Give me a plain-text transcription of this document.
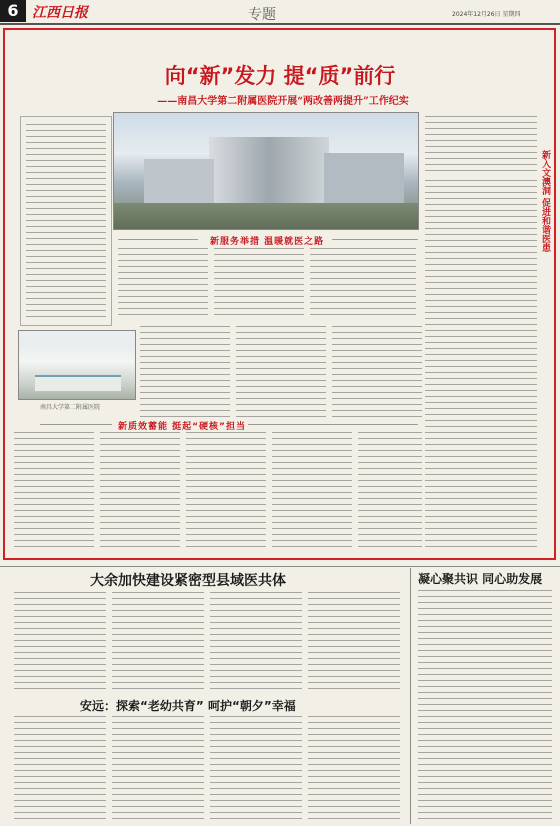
6 江西日报	专题	2024年12月26日 星期四
向“新”发力 提“质”前行
——南昌大学第二附属医院开展“两改善两提升”工作纪实
新入文澳洞 促进和谐医患
新服务举措 温暖就医之路
南昌大学第二附属医院
新质效蓄能 挺起“硬核”担当
大余加快建设紧密型县域医共体
安远：探索“老幼共育” 呵护“朝夕”幸福
凝心聚共识 同心助发展
